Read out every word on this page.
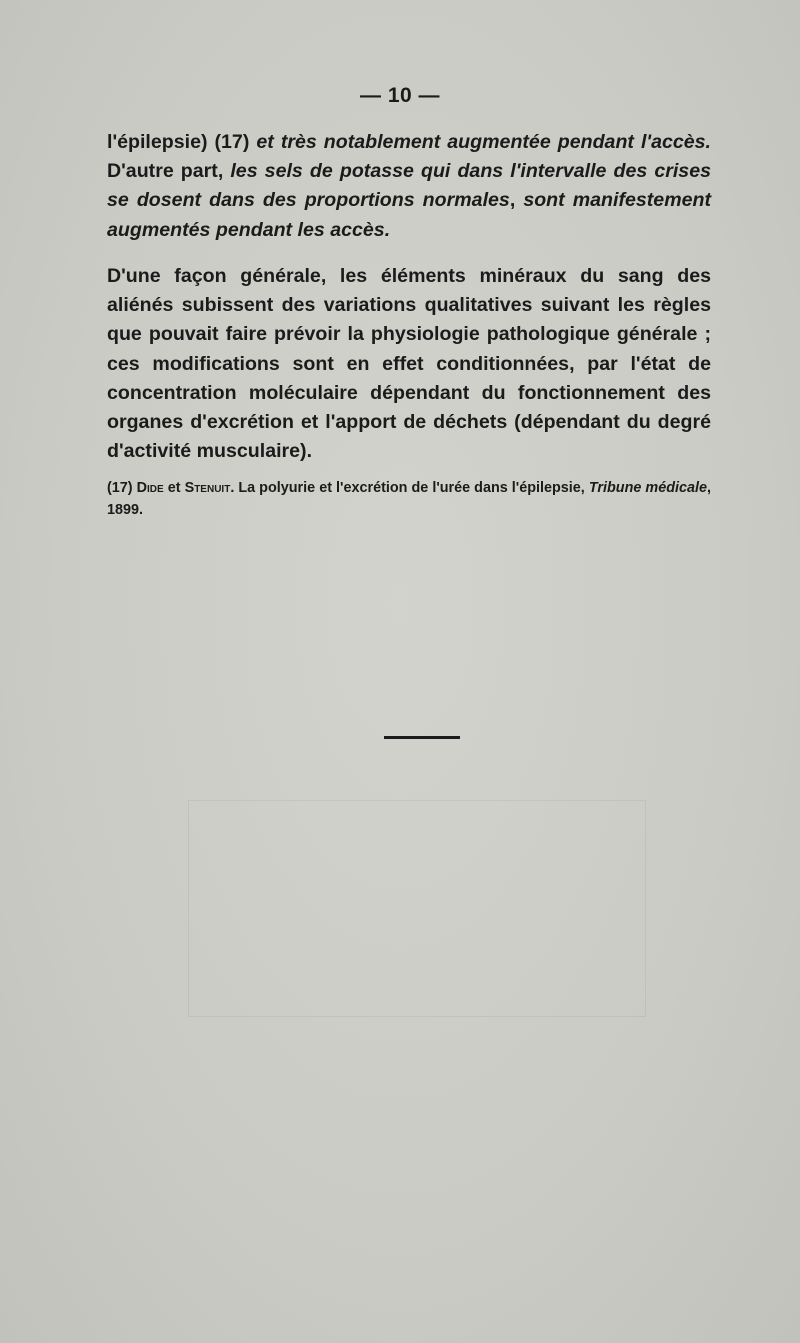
— 10 —
l'épilepsie) (17) et très notablement augmentée pendant l'accès. D'autre part, les sels de potasse qui dans l'intervalle des crises se dosent dans des proportions normales, sont manifestement augmentés pendant les accès.
D'une façon générale, les éléments minéraux du sang des aliénés subissent des variations qualitatives suivant les règles que pouvait faire prévoir la physiologie pathologique générale ; ces modifications sont en effet conditionnées, par l'état de concentration moléculaire dépendant du fonctionnement des organes d'excrétion et l'apport de déchets (dépendant du degré d'activité musculaire).
(17) Dide et Stenuit. La polyurie et l'excrétion de l'urée dans l'épilepsie, Tribune médicale, 1899.
